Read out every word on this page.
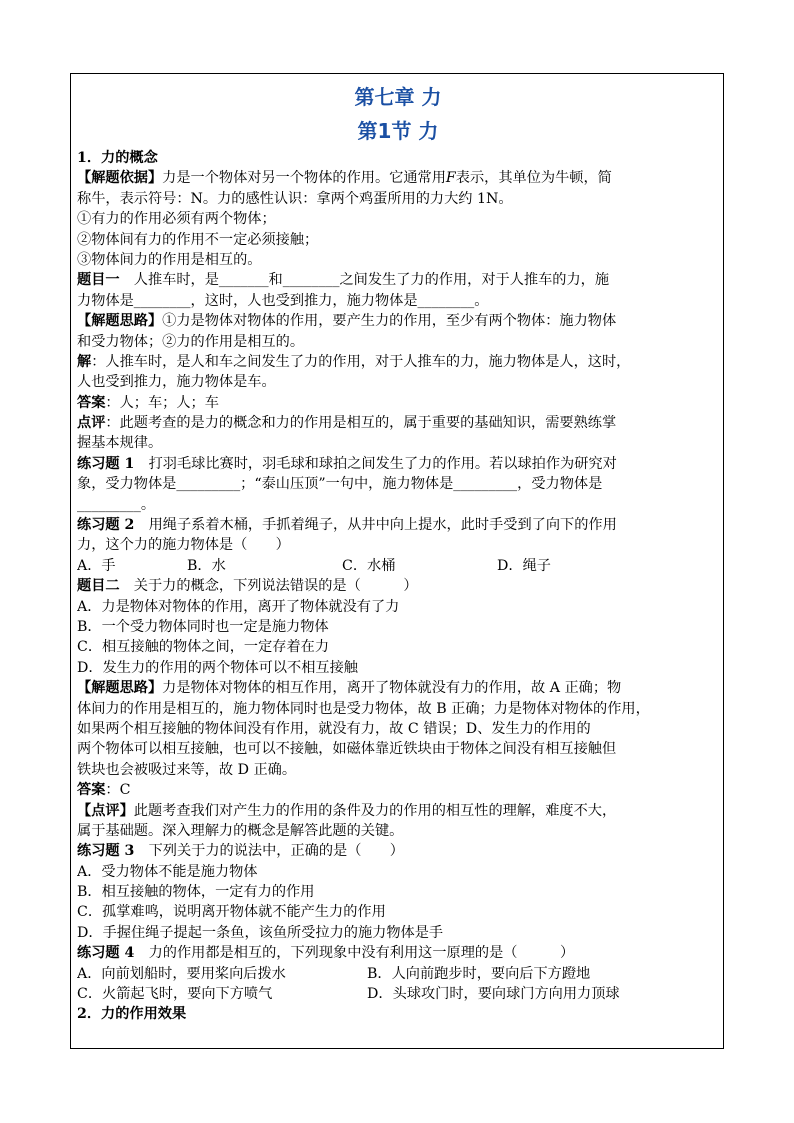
第七章 力
第1节 力
1．力的概念
【解题依据】力是一个物体对另一个物体的作用。它通常用F表示，其单位为牛顿，简
称牛，表示符号：N。力的感性认识：拿两个鸡蛋所用的力大约 1N。
①有力的作用必须有两个物体；
②物体间有力的作用不一定必须接触；
③物体间力的作用是相互的。
题目一　人推车时，是_______和________之间发生了力的作用，对于人推车的力，施
力物体是________，这时，人也受到推力，施力物体是________。
【解题思路】①力是物体对物体的作用，要产生力的作用，至少有两个物体：施力物体
和受力物体；②力的作用是相互的。
解：人推车时，是人和车之间发生了力的作用，对于人推车的力，施力物体是人，这时，
人也受到推力，施力物体是车。
答案：人；车；人；车
点评：此题考查的是力的概念和力的作用是相互的，属于重要的基础知识，需要熟练掌
握基本规律。
练习题 1　打羽毛球比赛时，羽毛球和球拍之间发生了力的作用。若以球拍作为研究对
象，受力物体是_________；“泰山压顶”一句中，施力物体是_________，受力物体是
_________。
练习题 2　用绳子系着木桶，手抓着绳子，从井中向上提水，此时手受到了向下的作用
力，这个力的施力物体是（　　）
A．手	B．水	C．水桶	D．绳子
题目二　关于力的概念，下列说法错误的是（　　　）
A．力是物体对物体的作用，离开了物体就没有了力
B．一个受力物体同时也一定是施力物体
C．相互接触的物体之间，一定存着在力
D．发生力的作用的两个物体可以不相互接触
【解题思路】力是物体对物体的相互作用，离开了物体就没有力的作用，故 A 正确；物
体间力的作用是相互的，施力物体同时也是受力物体，故 B 正确；力是物体对物体的作用，
如果两个相互接触的物体间没有作用，就没有力，故 C 错误；D、发生力的作用的
两个物体可以相互接触，也可以不接触，如磁体靠近铁块由于物体之间没有相互接触但
铁块也会被吸过来等，故 D 正确。
答案：C
【点评】此题考查我们对产生力的作用的条件及力的作用的相互性的理解，难度不大，
属于基础题。深入理解力的概念是解答此题的关键。
练习题 3　下列关于力的说法中，正确的是（　　）
A．受力物体不能是施力物体
B．相互接触的物体，一定有力的作用
C．孤掌难鸣，说明离开物体就不能产生力的作用
D．手握住绳子提起一条鱼，该鱼所受拉力的施力物体是手
练习题 4　力的作用都是相互的，下列现象中没有利用这一原理的是（　　　）
A．向前划船时，要用桨向后拨水	B．人向前跑步时，要向后下方蹬地
C．火箭起飞时，要向下方喷气	D．头球攻门时，要向球门方向用力顶球
2．力的作用效果
